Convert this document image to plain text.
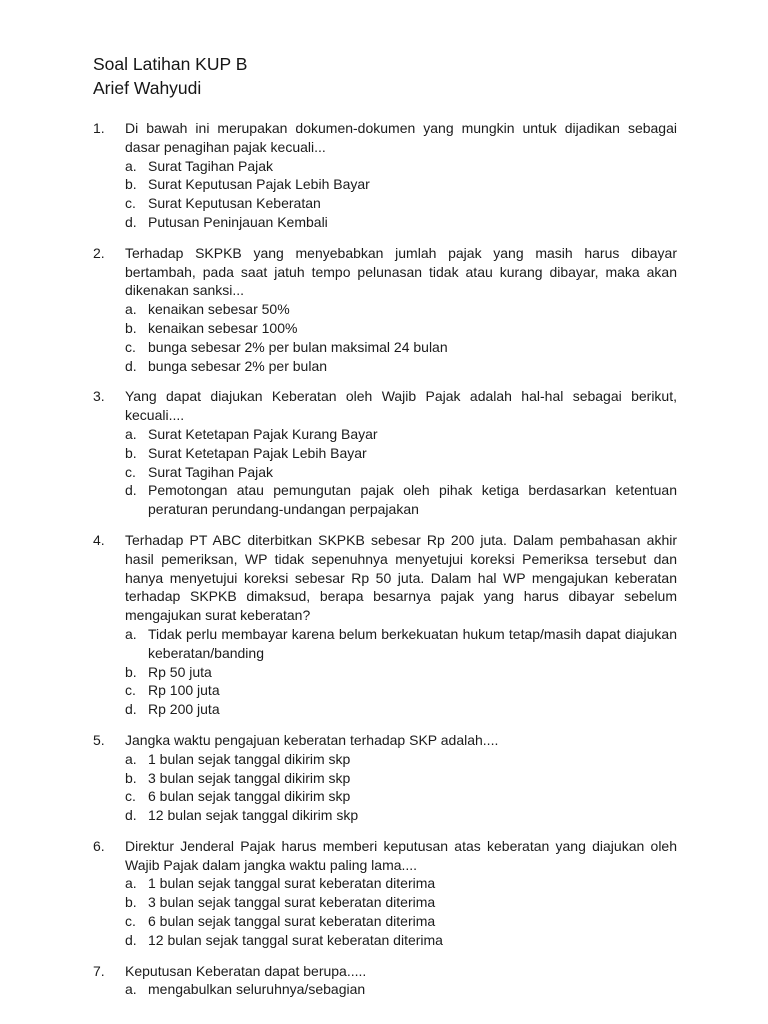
Soal Latihan KUP B
Arief Wahyudi
1.	Di bawah ini merupakan dokumen-dokumen yang mungkin untuk dijadikan sebagai dasar penagihan pajak kecuali...

a. Surat Tagihan Pajak
b. Surat Keputusan Pajak Lebih Bayar
c. Surat Keputusan Keberatan
d. Putusan Peninjauan Kembali
2.	Terhadap SKPKB yang menyebabkan jumlah pajak yang masih harus dibayar bertambah, pada saat jatuh tempo pelunasan tidak atau kurang dibayar, maka akan dikenakan sanksi...

a. kenaikan sebesar 50%
b. kenaikan sebesar 100%
c. bunga sebesar 2% per bulan maksimal 24 bulan
d. bunga sebesar 2% per bulan
3.	Yang dapat diajukan Keberatan oleh Wajib Pajak adalah hal-hal sebagai berikut, kecuali....

a. Surat Ketetapan Pajak Kurang Bayar
b. Surat Ketetapan Pajak Lebih Bayar
c. Surat Tagihan Pajak
d. Pemotongan atau pemungutan pajak oleh pihak ketiga berdasarkan ketentuan peraturan perundang-undangan perpajakan
4.	Terhadap PT ABC diterbitkan SKPKB sebesar Rp 200 juta. Dalam pembahasan akhir hasil pemeriksan, WP tidak sepenuhnya menyetujui koreksi Pemeriksa tersebut dan hanya menyetujui koreksi sebesar Rp 50 juta. Dalam hal WP mengajukan keberatan terhadap SKPKB dimaksud, berapa besarnya pajak yang harus dibayar sebelum mengajukan surat keberatan?

a. Tidak perlu membayar karena belum berkekuatan hukum tetap/masih dapat diajukan keberatan/banding
b. Rp 50 juta
c. Rp 100 juta
d. Rp 200 juta
5.	Jangka waktu pengajuan keberatan terhadap SKP adalah....

a. 1 bulan sejak tanggal dikirim skp
b. 3 bulan sejak tanggal dikirim skp
c. 6 bulan sejak tanggal dikirim skp
d. 12 bulan sejak tanggal dikirim skp
6.	Direktur Jenderal Pajak harus memberi keputusan atas keberatan yang diajukan oleh Wajib Pajak dalam jangka waktu paling lama....

a. 1 bulan sejak tanggal surat keberatan diterima
b. 3 bulan sejak tanggal surat keberatan diterima
c. 6 bulan sejak tanggal surat keberatan diterima
d. 12 bulan sejak tanggal surat keberatan diterima
7.	Keputusan Keberatan dapat berupa.....

a. mengabulkan seluruhnya/sebagian
